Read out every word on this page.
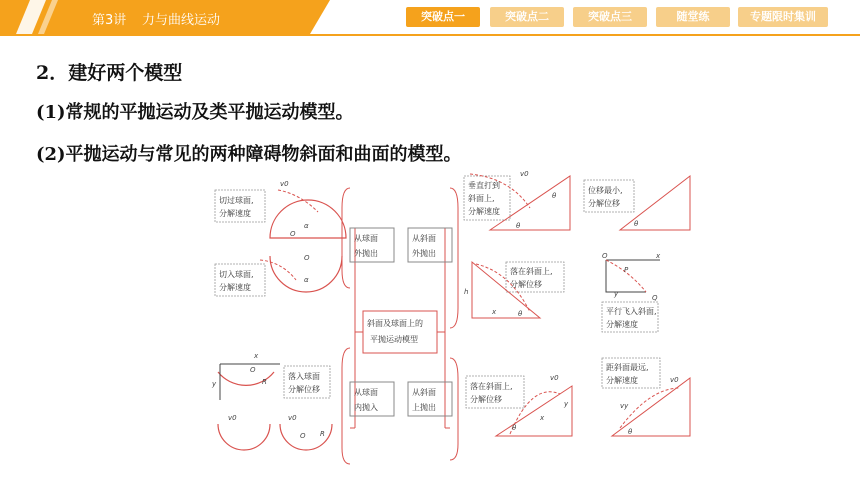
第3讲 力与曲线运动	突破点一	突破点二	突破点三	随堂练	专题限时集训
2．建好两个模型
(1)常规的平抛运动及类平抛运动模型。
(2)平抛运动与常见的两种障碍物斜面和曲面的模型。
斜面及球面上的
平抛运动模型
从球面
外抛出
从斜面
外抛出
从球面
内抛入
从斜面
上抛出
切过球面,
分解速度
切入球面,
分解速度
垂直打到
斜面上,
分解速度
位移最小,
分解位移
落在斜面上,
分解位移
平行飞入斜面,
分解速度
落入球面
分解位移	落在斜面上,
分解位移
距斜面最远,
分解速度
v0
O
α
O
α
v0
θ
θ	θ
h
x	θ
O
P
Q
x
y
x
y
O
R
v0	v0
O R
v0
x
y
θ
v0
vy
θ
